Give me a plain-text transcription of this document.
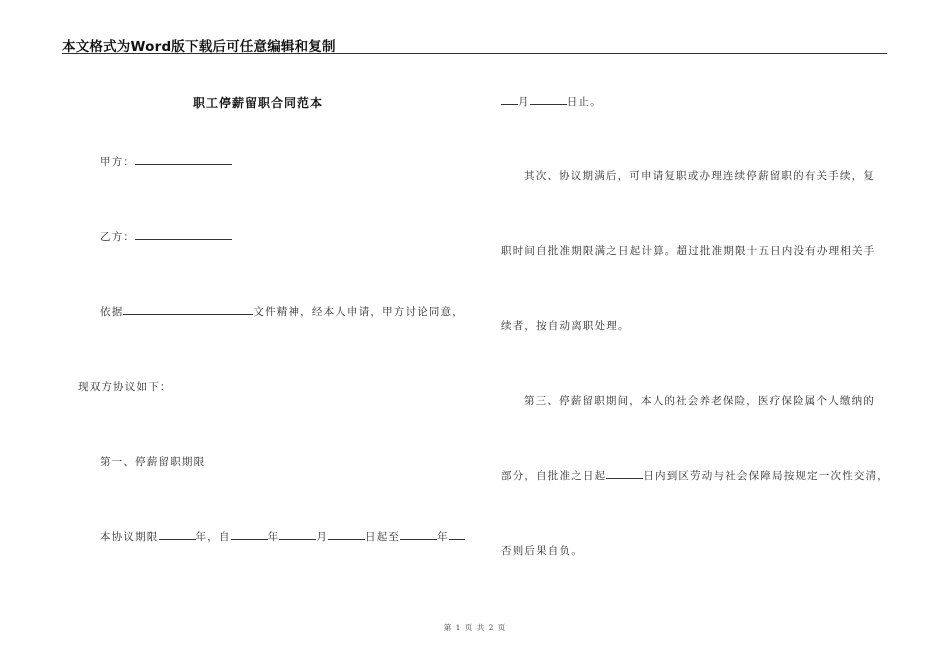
本文格式为Word版下载后可任意编辑和复制
职工停薪留职合同范本
甲方：
乙方：
依据	文件精神，经本人申请，甲方讨论同意，
现双方协议如下：
第一、停薪留职期限
本协议期限	年，自	年	月	日起至	年
月	日止。
其次、协议期满后，可申请复职或办理连续停薪留职的有关手续，复
职时间自批准期限满之日起计算。超过批准期限十五日内没有办理相关手
续者，按自动离职处理。
第三、停薪留职期间，本人的社会养老保险，医疗保险属个人缴纳的
部分，自批准之日起	日内到区劳动与社会保障局按规定一次性交清，
否则后果自负。
第 1 页 共 2 页
